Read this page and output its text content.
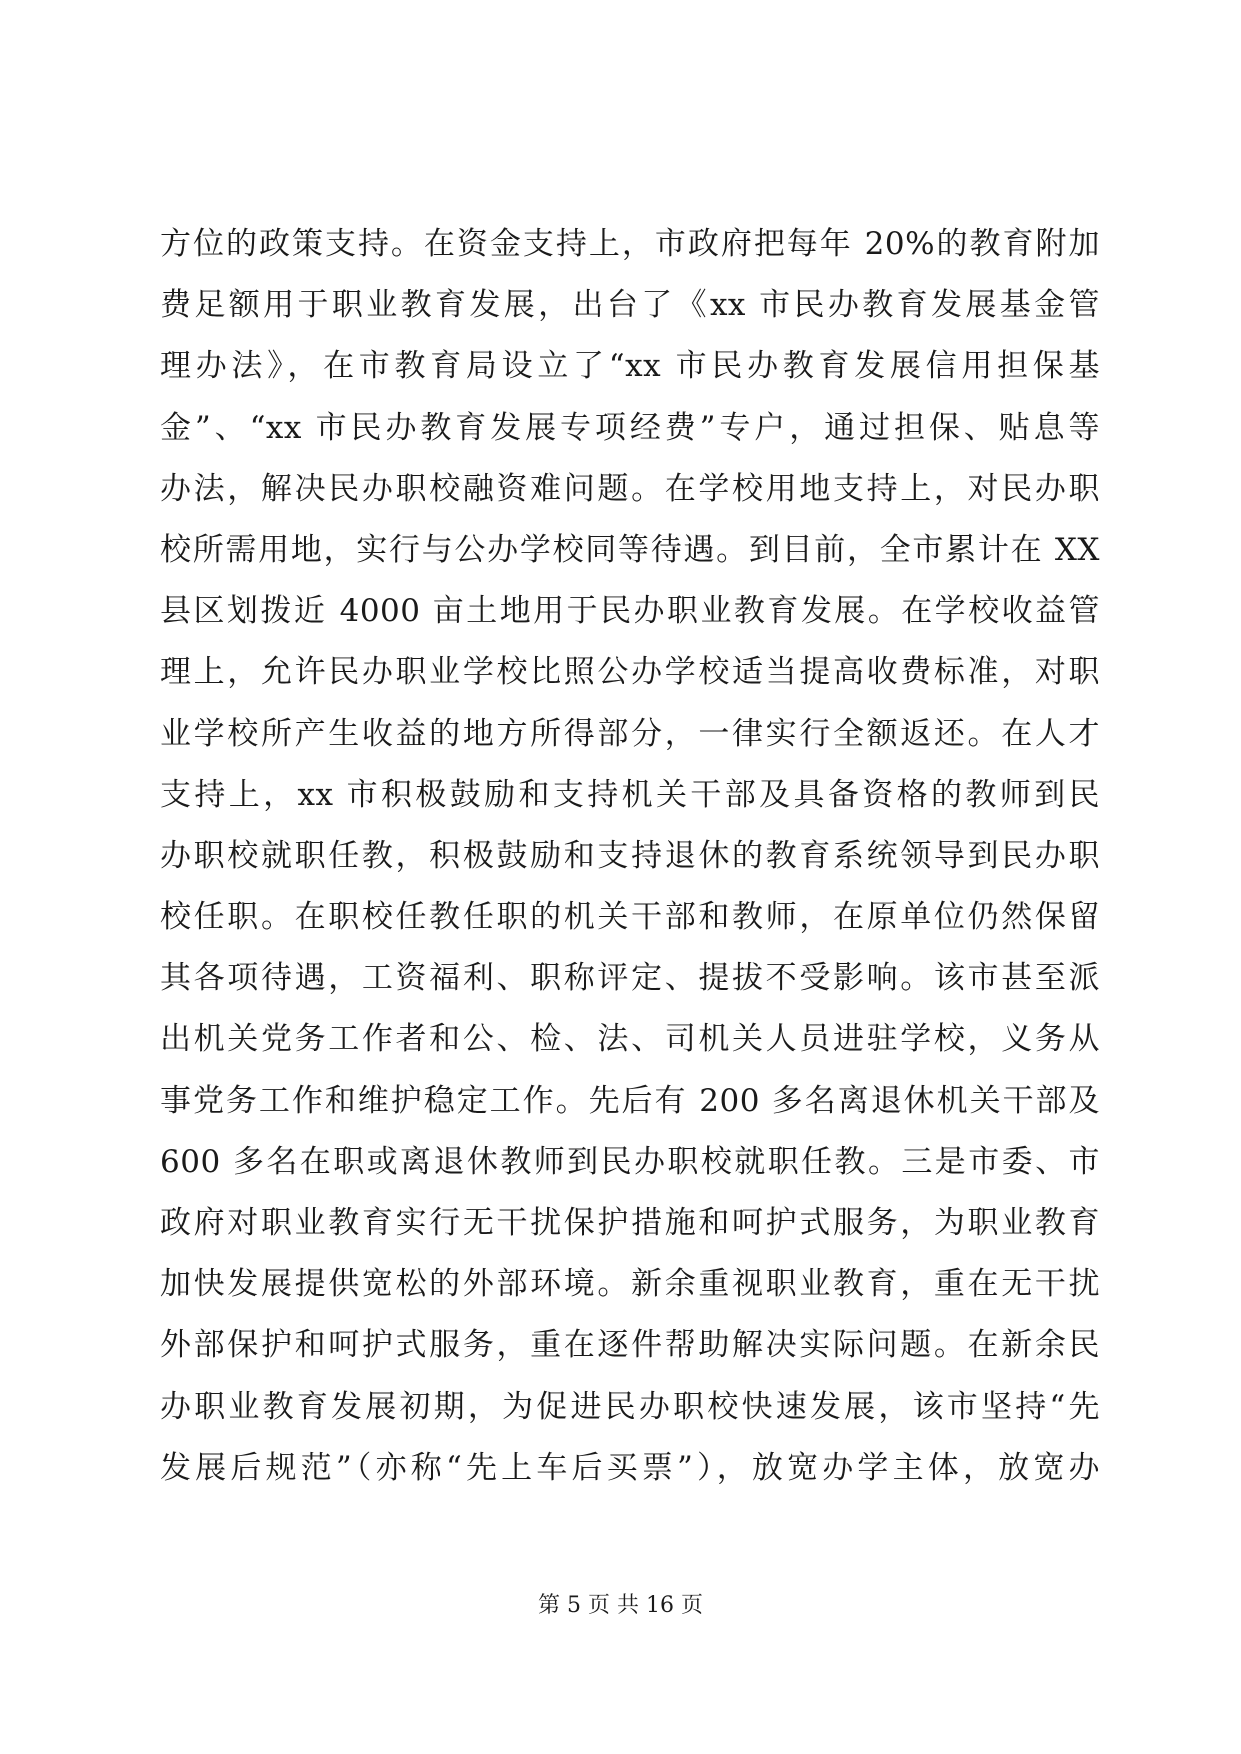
方位的政策支持。在资金支持上，市政府把每年 20%的教育附加
费足额用于职业教育发展，出台了《xx 市民办教育发展基金管
理办法》，在市教育局设立了“xx 市民办教育发展信用担保基
金”、“xx 市民办教育发展专项经费”专户，通过担保、贴息等
办法，解决民办职校融资难问题。在学校用地支持上，对民办职
校所需用地，实行与公办学校同等待遇。到目前，全市累计在 XX
县区划拨近 4000 亩土地用于民办职业教育发展。在学校收益管
理上，允许民办职业学校比照公办学校适当提高收费标准，对职
业学校所产生收益的地方所得部分，一律实行全额返还。在人才
支持上，xx 市积极鼓励和支持机关干部及具备资格的教师到民
办职校就职任教，积极鼓励和支持退休的教育系统领导到民办职
校任职。在职校任教任职的机关干部和教师，在原单位仍然保留
其各项待遇，工资福利、职称评定、提拔不受影响。该市甚至派
出机关党务工作者和公、检、法、司机关人员进驻学校，义务从
事党务工作和维护稳定工作。先后有 200 多名离退休机关干部及
600 多名在职或离退休教师到民办职校就职任教。三是市委、市
政府对职业教育实行无干扰保护措施和呵护式服务，为职业教育
加快发展提供宽松的外部环境。新余重视职业教育，重在无干扰
外部保护和呵护式服务，重在逐件帮助解决实际问题。在新余民
办职业教育发展初期，为促进民办职校快速发展，该市坚持“先
发展后规范”（亦称“先上车后买票”），放宽办学主体，放宽办
第 5 页 共 16 页
